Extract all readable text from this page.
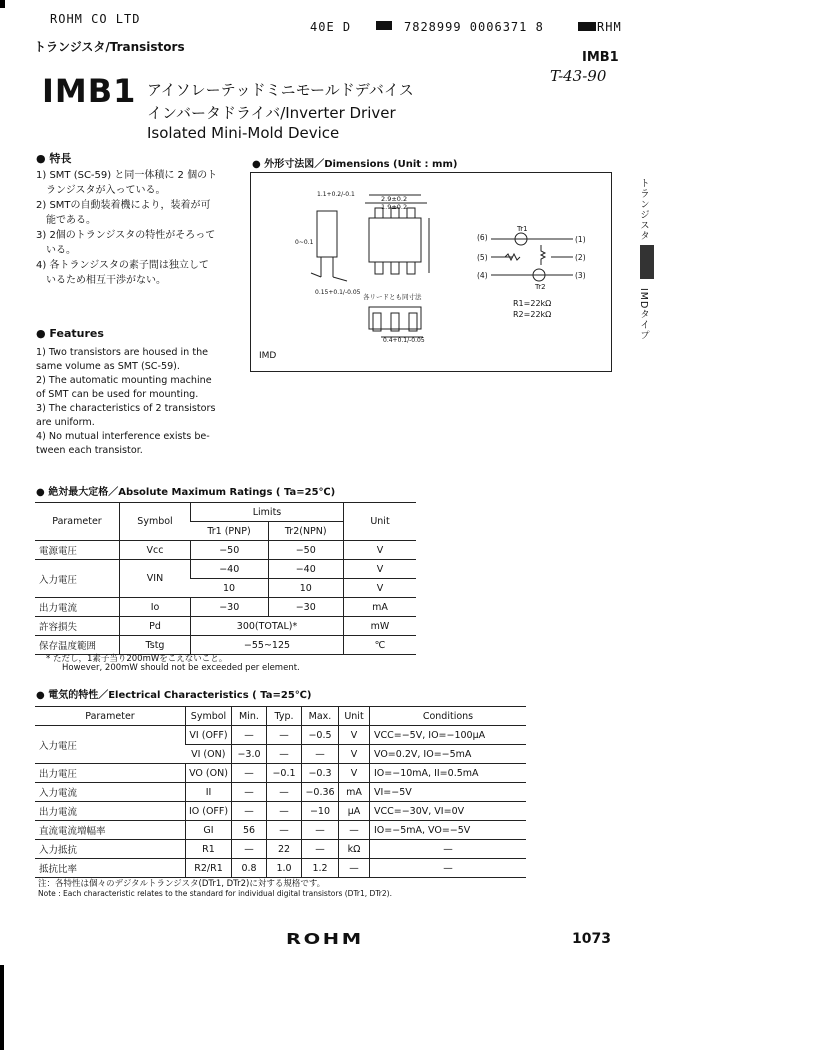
ROHM CO LTD
トランジスタ/Transistors
40E D	7828999 0006371 8	RHM
IMB1
T-43-90
IMB1 アイソレーテッドミニモールドデバイス
インバータドライバ/Inverter Driver
Isolated Mini-Mold Device
● 特長
1) SMT (SC-59) と同一体積に 2 個のト
　ランジスタが入っている。
2) SMTの自動装着機により，装着が可
　能である。
3) 2個のトランジスタの特性がそろって
　いる。
4) 各トランジスタの素子間は独立して
　いるため相互干渉がない。
● Features
1) Two transistors are housed in the
same volume as SMT (SC-59).
2) The automatic mounting machine
of SMT can be used for mounting.
3) The characteristics of 2 transistors
are uniform.
4) No mutual interference exists be-
tween each transistor.
● 外形寸法図／Dimensions (Unit : mm)
2.9±0.2
1.9±0.2
1.1+0.2/-0.1
0~0.1
0.15+0.1/-0.05
各リードとも同寸法
0.4+0.1/-0.05
(6)
(5)
(4)
(1)
(2)
(3)
Tr1
Tr2
R1=22kΩ
R2=22kΩ
IMD
トランジスタ
IMDタイプ
● 絶対最大定格／Absolute Maximum Ratings ( Ta=25℃)
Parameter	Symbol	Limits		Unit
		Tr1 (PNP)	Tr2(NPN)	
電源電圧	Vcc	−50	−50	V
入力電圧	VIN	−40	−40	V
		10	10	V
出力電流	Io	−30	−30	mA
許容損失	Pd	300(TOTAL)*		mW
保存温度範囲	Tstg	−55~125		℃
* ただし，1素子当り200mWをこえないこと。
However, 200mW should not be exceeded per element.
● 電気的特性／Electrical Characteristics ( Ta=25℃)
Parameter	Symbol	Min.	Typ.	Max.	Unit	Conditions
入力電圧	VI (OFF)	—	—	−0.5	V	VCC=−5V, IO=−100μA
	VI (ON)	−3.0	—	—	V	VO=0.2V, IO=−5mA
出力電圧	VO (ON)	—	−0.1	−0.3	V	IO=−10mA, II=0.5mA
入力電流	II	—	—	−0.36	mA	VI=−5V
出力電流	IO (OFF)	—	—	−10	μA	VCC=−30V, VI=0V
直流電流増幅率	GI	56	—	—	—	IO=−5mA, VO=−5V
入力抵抗	R1	—	22	—	kΩ	—
抵抗比率	R2/R1	0.8	1.0	1.2	—	—
注：各特性は個々のデジタルトランジスタ(DTr1, DTr2)に対する規格です。
Note : Each characteristic relates to the standard for individual digital transistors (DTr1, DTr2).
ROHM	1073
